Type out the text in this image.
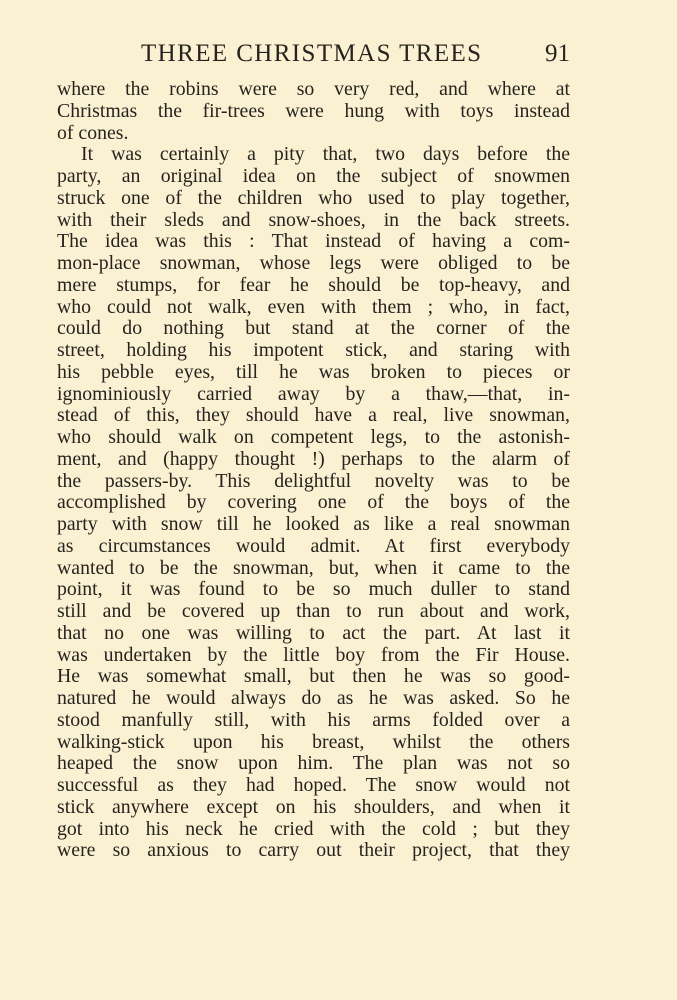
THREE CHRISTMAS TREES	91
where the robins were so very red, and where at
Christmas the fir-trees were hung with toys instead
of cones.
It was certainly a pity that, two days before the
party, an original idea on the subject of snowmen
struck one of the children who used to play together,
with their sleds and snow-shoes, in the back streets.
The idea was this : That instead of having a com-
mon-place snowman, whose legs were obliged to be
mere stumps, for fear he should be top-heavy, and
who could not walk, even with them ; who, in fact,
could do nothing but stand at the corner of the
street, holding his impotent stick, and staring with
his pebble eyes, till he was broken to pieces or
ignominiously carried away by a thaw,—that, in-
stead of this, they should have a real, live snowman,
who should walk on competent legs, to the astonish-
ment, and (happy thought !) perhaps to the alarm of
the passers-by. This delightful novelty was to be
accomplished by covering one of the boys of the
party with snow till he looked as like a real snowman
as circumstances would admit. At first everybody
wanted to be the snowman, but, when it came to the
point, it was found to be so much duller to stand
still and be covered up than to run about and work,
that no one was willing to act the part. At last it
was undertaken by the little boy from the Fir House.
He was somewhat small, but then he was so good-
natured he would always do as he was asked. So he
stood manfully still, with his arms folded over a
walking-stick upon his breast, whilst the others
heaped the snow upon him. The plan was not so
successful as they had hoped. The snow would not
stick anywhere except on his shoulders, and when it
got into his neck he cried with the cold ; but they
were so anxious to carry out their project, that they
